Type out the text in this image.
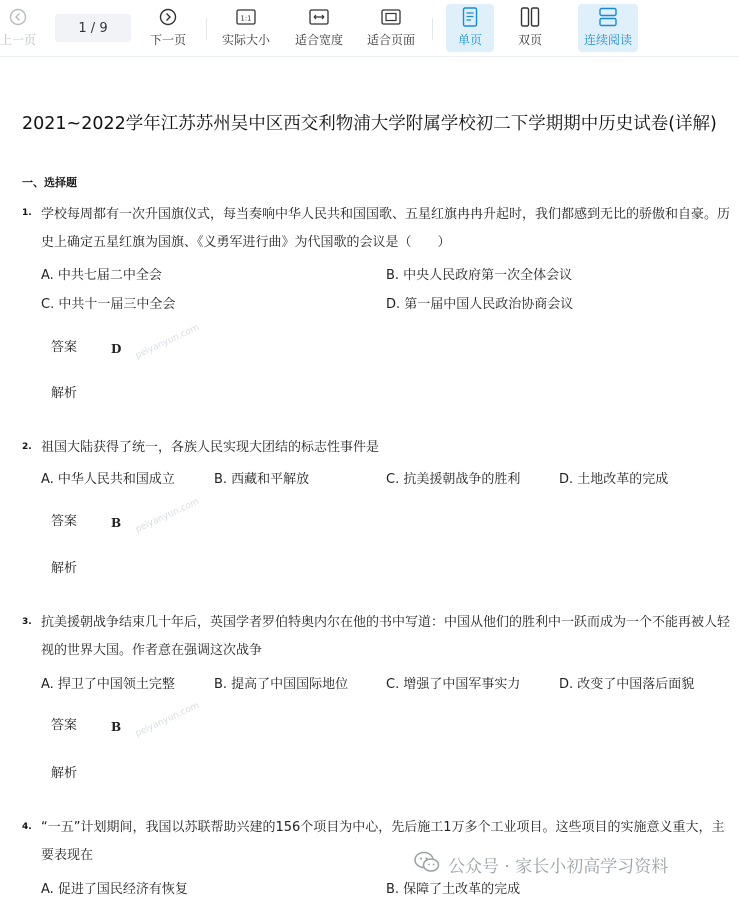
上一页
1 / 9
下一页
1:1
实际大小 适合宽度 适合页面	单页	双页	连续阅读
2021~2022学年江苏苏州吴中区西交利物浦大学附属学校初二下学期期中历史试卷(详解)
一、选择题
1. 学校每周都有一次升国旗仪式，每当奏响中华人民共和国国歌、五星红旗冉冉升起时，我们都感到无比的骄傲和自豪。历史上确定五星红旗为国旗、《义勇军进行曲》为代国歌的会议是（　　）
A. 中共七届二中全会	B. 中央人民政府第一次全体会议
C. 中共十一届三中全会	D. 第一届中国人民政治协商会议
答案	D peiyanyun.com
解析
2. 祖国大陆获得了统一，各族人民实现大团结的标志性事件是
A. 中华人民共和国成立	B. 西藏和平解放	C. 抗美援朝战争的胜利	D. 土地改革的完成
答案	B peiyanyun.com
解析
3. 抗美援朝战争结束几十年后，英国学者罗伯特奥内尔在他的书中写道：中国从他们的胜利中一跃而成为一个不能再被人轻视的世界大国。作者意在强调这次战争
A. 捍卫了中国领土完整	B. 提高了中国国际地位	C. 增强了中国军事实力	D. 改变了中国落后面貌
答案	B peiyanyun.com
解析
4. “一五”计划期间，我国以苏联帮助兴建的156个项目为中心，先后施工1万多个工业项目。这些项目的实施意义重大，主要表现在
A. 促进了国民经济有恢复	B. 保障了土改革的完成
公众号 · 家长小初高学习资料
